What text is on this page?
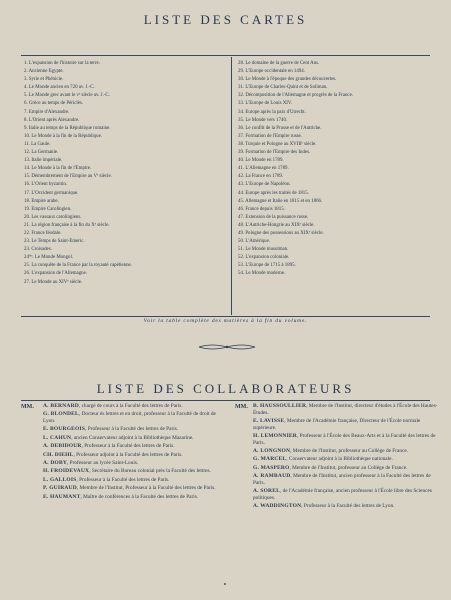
LISTE DES CARTES
1. L'expansion de l'histoire sur la terre.
2. Ancienne Égypte.
3. Syrie et Phénicie.
4. Le Monde ancien en 720 av. J.-C.
5. Le Monde grec avant le vᵉ siècle av. J.-C.
6. Grèce au temps de Périclès.
7. Empire d'Alexandre.
8. L'Orient après Alexandre.
9. Italie au temps de la République romaine.
10. Le Monde à la fin de la République.
11. La Gaule.
12. La Germanie.
13. Italie impériale.
14. Le Monde à la fin de l'Empire.
15. Démembrement de l'Empire au Vᵉ siècle.
16. L'Orient byzantin.
17. L'Occident germanique.
18. Empire arabe.
19. Empire Carolingien.
20. Les vassaux carolingiens.
21. La région française à la fin du Xᵉ siècle.
22. France féodale.
23. Le Temps de Saint-Émeric.
23. Croisades.
24ᵇⁱˢ. Le Monde Mongol.
25. La conquête de la France par la royauté capétienne.
26. L'expansion de l'Allemagne.
27. Le Monde au XIVᵉ siècle.
28. Le domaine de la guerre de Cent Ans.
29. L'Europe occidentale en 1494.
30. Le Monde à l'époque des grandes découvertes.
31. L'Europe de Charles-Quint et de Soliman.
32. Décomposition de l'Allemagne et progrès de la France.
33. L'Europe de Louis XIV.
34. Europe après la paix d'Utrecht.
35. Le Monde vers 1740.
36. Le conflit de la Prusse et de l'Autriche.
37. Formation de l'Empire russe.
38. Turquie et Pologne au XVIIIᵉ siècle.
39. Formation de l'Empire des Indes.
40. Le Monde en 1789.
41. L'Allemagne en 1789.
42. La France en 1789.
43. L'Europe de Napoléon.
44. Europe après les traités de 1815.
45. Allemagne et Italie en 1815 et en 1866.
46. France depuis 1815.
47. Extension de la puissance russe.
48. L'Autriche-Hongrie au XIXᵉ siècle.
49. Pologne des possessions au XIXᵉ siècle.
50. L'Amérique.
51. Le Monde musulman.
52. L'expansion coloniale.
53. L'Europe de 1715 à 1895.
54. Le Monde moderne.
Voir la table complète des matières à la fin du volume.
LISTE DES COLLABORATEURS
MM.	MM.
A. BERNARD, chargé de cours à la Faculté des lettres de Paris.
G. BLONDEL, Docteur ès lettres et en droit, professeur à la Faculté de droit de Lyon.
E. BOURGEOIS, Professeur à la Faculté des lettres de Paris.
L. CAHUN, ancien Conservateur adjoint à la Bibliothèque Mazarine.
A. DEBIDOUR, Professeur à la Faculté des lettres de Paris.
CH. DIEHL, Professeur adjoint à la Faculté des lettres de Paris.
A. DOBY, Professeur au lycée Saint-Louis.
H. FROIDEVAUX, Secrétaire du Bureau colonial près la Faculté des lettres.
L. GALLOIS, Professeur à la Faculté des lettres de Paris.
P. GUIRAUD, Membre de l'Institut, Professeur à la Faculté des lettres de Paris.
E. HAUMANT, Maître de conférences à la Faculté des lettres de Paris.
B. HAUSSOULLIER, Membre de l'Institut, directeur d'études à l'École des Hautes-Études.
E. LAVISSE, Membre de l'Académie française, Directeur de l'École normale supérieure.
H. LEMONNIER, Professeur à l'École des Beaux-Arts et à la Faculté des lettres de Paris.
A. LONGNON, Membre de l'Institut, professeur au Collège de France.
G. MARCEL, Conservateur adjoint à la Bibliothèque nationale.
G. MASPERO, Membre de l'Institut, professeur au Collège de France.
A. RAMBAUD, Membre de l'Institut, ancien professeur à la Faculté des lettres de Paris.
A. SOREL, de l'Académie française, ancien professeur à l'École libre des Sciences politiques.
A. WADDINGTON, Professeur à la Faculté des lettres de Lyon.
